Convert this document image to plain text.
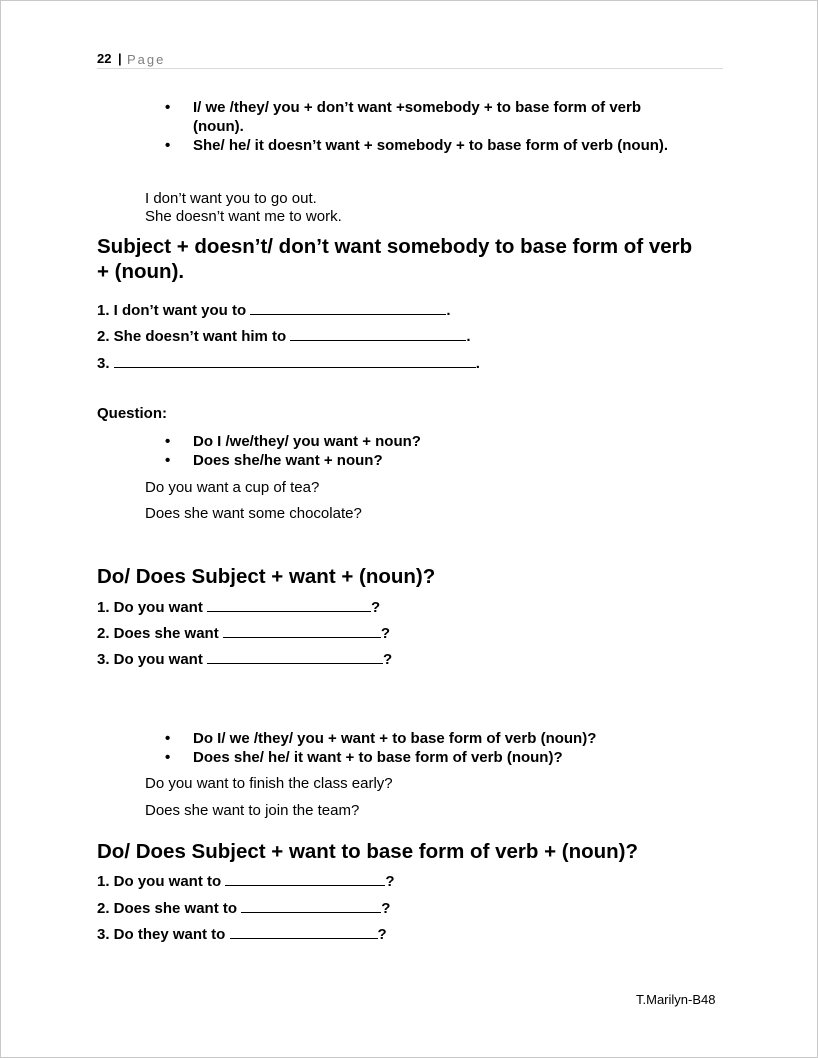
22 | Page
• I/ we /they/ you + don’t want +somebody + to base form of verb
(noun).
• She/ he/ it doesn’t want + somebody + to base form of verb (noun).
I don’t want you to go out.
She doesn’t want me to work.
Subject + doesn’t/ don’t want somebody to base form of verb
+ (noun).
1. I don’t want you to	.
2. She doesn’t want him to	.
3.	.
Question:
• Do I /we/they/ you want + noun?
• Does she/he want + noun?
Do you want a cup of tea?
Does she want some chocolate?
Do/ Does Subject + want + (noun)?
1. Do you want	?
2. Does she want	?
3. Do you want	?
• Do I/ we /they/ you + want + to base form of verb (noun)?
• Does she/ he/ it want + to base form of verb (noun)?
Do you want to finish the class early?
Does she want to join the team?
Do/ Does Subject + want to base form of verb + (noun)?
1. Do you want to	?
2. Does she want to	?
3. Do they want to	?
T.Marilyn-B48
